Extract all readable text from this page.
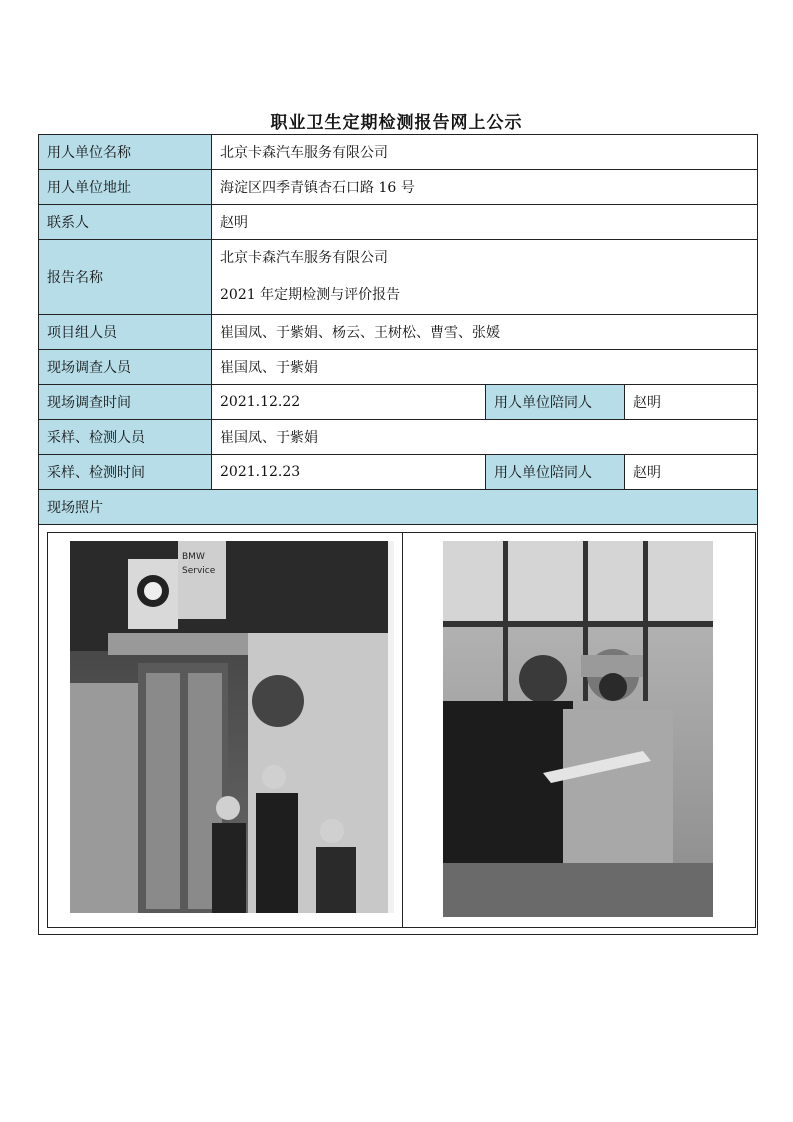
职业卫生定期检测报告网上公示
用人单位名称	北京卡森汽车服务有限公司		
用人单位地址	海淀区四季青镇杏石口路 16 号		
联系人	赵明		
报告名称	北京卡森汽车服务有限公司
2021 年定期检测与评价报告		

项目组人员	崔国凤、于紫娟、杨云、王树松、曹雪、张媛		
现场调查人员	崔国凤、于紫娟		
现场调查时间	2021.12.22	用人单位陪同人	赵明
采样、检测人员	崔国凤、于紫娟		
采样、检测时间	2021.12.23	用人单位陪同人	赵明
现场照片			

BMW
Service			
